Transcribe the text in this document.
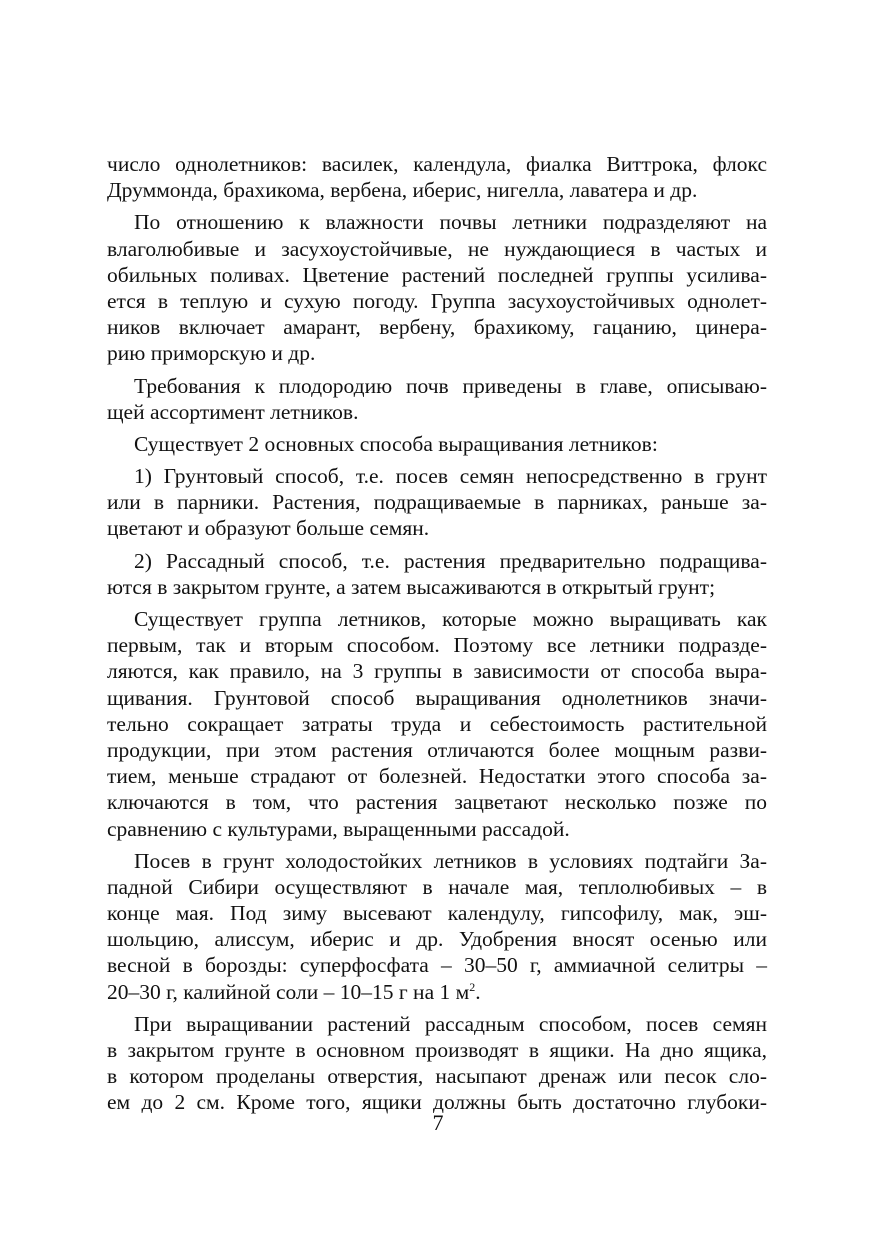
число однолетников: василек, календула, фиалка Виттрока, флокс
Друммонда, брахикома, вербена, иберис, нигелла, лаватера и др.

По отношению к влажности почвы летники подразделяют на
влаголюбивые и засухоустойчивые, не нуждающиеся в частых и
обильных поливах. Цветение растений последней группы усилива-
ется в теплую и сухую погоду. Группа засухоустойчивых однолет-
ников включает амарант, вербену, брахикому, гацанию, цинера-
рию приморскую и др.

Требования к плодородию почв приведены в главе, описываю-
щей ассортимент летников.

Существует 2 основных способа выращивания летников:

1) Грунтовый способ, т.е. посев семян непосредственно в грунт
или в парники. Растения, подращиваемые в парниках, раньше за-
цветают и образуют больше семян.

2) Рассадный способ, т.е. растения предварительно подращива-
ются в закрытом грунте, а затем высаживаются в открытый грунт;

Существует группа летников, которые можно выращивать как
первым, так и вторым способом. Поэтому все летники подразде-
ляются, как правило, на 3 группы в зависимости от способа выра-
щивания. Грунтовой способ выращивания однолетников значи-
тельно сокращает затраты труда и себестоимость растительной
продукции, при этом растения отличаются более мощным разви-
тием, меньше страдают от болезней. Недостатки этого способа за-
ключаются в том, что растения зацветают несколько позже по
сравнению с культурами, выращенными рассадой.

Посев в грунт холодостойких летников в условиях подтайги За-
падной Сибири осуществляют в начале мая, теплолюбивых – в
конце мая. Под зиму высевают календулу, гипсофилу, мак, эш-
шольцию, алиссум, иберис и др. Удобрения вносят осенью или
весной в борозды: суперфосфата – 30–50 г, аммиачной селитры –
20–30 г, калийной соли – 10–15 г на 1 $м^2$.

При выращивании растений рассадным способом, посев семян
в закрытом грунте в основном производят в ящики. На дно ящика,
в котором проделаны отверстия, насыпают дренаж или песок сло-
ем до 2 см. Кроме того, ящики должны быть достаточно глубоки-

7
